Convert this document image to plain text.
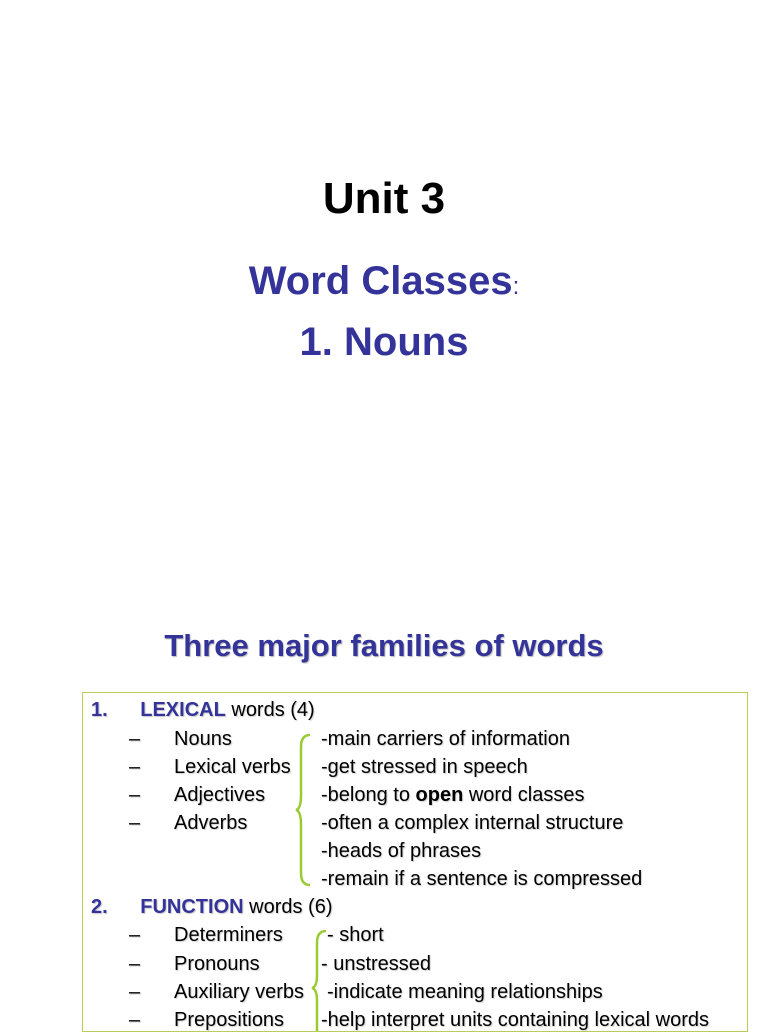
Unit 3
Word Classes:
1. Nouns
Three major families of words
1. LEXICAL words (4)
–
–
–
–
Nouns
Lexical verbs
Adjectives
Adverbs
-main carriers of information
-get stressed in speech
-belong to open word classes
-often a complex internal structure
-heads of phrases
-remain if a sentence is compressed
2. FUNCTION words (6)
–
–
–
–
Determiners
Pronouns
Auxiliary verbs
Prepositions
- short
- unstressed
-indicate meaning relationships
-help interpret units containing lexical words
